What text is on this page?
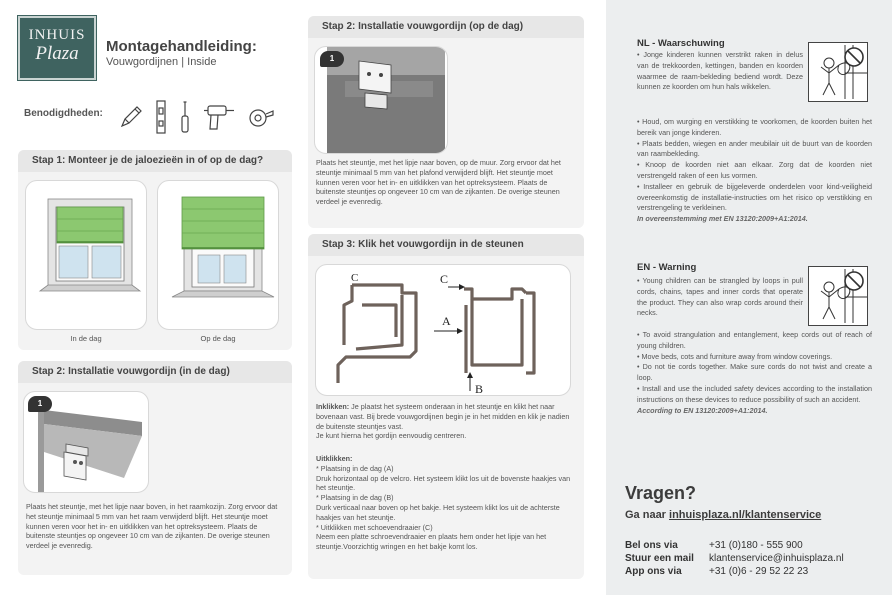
INHUIS
Plaza	Montagehandleiding:
Vouwgordijnen | Inside
Benodigdheden:
Stap 1: Monteer je de jaloezieën in of op de dag?
In de dag	Op de dag
Stap 2: Installatie vouwgordijn (in de dag)
1
Plaats het steuntje, met het lipje naar boven, in het raamkozijn. Zorg ervoor dat het steuntje minimaal 5 mm van het raam verwijderd blijft. Het steuntje moet kunnen veren voor het in- en uitklikken van het optreksysteem. Plaats de buitenste steuntjes op ongeveer 10 cm van de zijkanten. De overige steunen verdeel je evenredig.
Stap 2: Installatie vouwgordijn (op de dag)
1
Plaats het steuntje, met het lipje naar boven, op de muur. Zorg ervoor dat het steuntje minimaal 5 mm van het plafond verwijderd blijft. Het steuntje moet kunnen veren voor het in- en uitklikken van het optreksysteem. Plaats de buitenste steuntjes op ongeveer 10 cm van de zijkanten. De overige steunen verdeel je evenredig.
Stap 3: Klik het vouwgordijn in de steunen
C	C
A
B
Inklikken: Je plaatst het systeem onderaan in het steuntje en klikt het naar bovenaan vast. Bij brede vouwgordijnen begin je in het midden en klik je nadien de buitenste steuntjes vast.
Je kunt hierna het gordijn eenvoudig centreren.
Uitklikken:
* Plaatsing in de dag (A)
Druk horizontaal op de velcro. Het systeem klikt los uit de bovenste haakjes van het steuntje.
* Plaatsing in de dag (B)
Durk verticaal naar boven op het bakje. Het systeem klikt los uit de achterste haakjes van het steuntje.
* Uitklikken met schoevendraaier (C)
Neem een platte schroevendraaier en plaats hem onder het lipje van het steuntje.Voorzichtig wringen en het bakje komt los.
NL - Waarschuwing
• Jonge kinderen kunnen verstrikt raken in delus van de trekkoorden, kettingen, banden en koorden waarmee de raam-bekleding bediend wordt. Deze kunnen ze koorden om hun hals wikkelen.
• Houd, om wurging en verstikking te voorkomen, de koorden buiten het bereik van jonge kinderen.
• Plaats bedden, wiegen en ander meubilair uit de buurt van de koorden van raambekleding.
• Knoop de koorden niet aan elkaar. Zorg dat de koorden niet verstrengeld raken of een lus vormen.
• Installeer en gebruik de bijgeleverde onderdelen voor kind-veiligheid overeenkomstig de installatie-instructies om het risico op verstikking en verstrengeling te verkleinen.
In overeenstemming met EN 13120:2009+A1:2014.
EN - Warning
• Young children can be strangled by loops in pull cords, chains, tapes and inner cords that operate the product. They can also wrap cords around their necks.
• To avoid strangulation and entanglement, keep cords out of reach of young children.
• Move beds, cots and furniture away from window coverings.
• Do not tie cords together. Make sure cords do not twist and create a loop.
• Install and use the included safety devices according to the installation instructions on these devices to reduce possibility of such an accident.
According to EN 13120:2009+A1:2014.
Vragen?
Ga naar inhuisplaza.nl/klantenservice
Bel ons via	+31 (0)180 - 555 900
Stuur een mail klantenservice@inhuisplaza.nl
App ons via	+31 (0)6 - 29 52 22 23
